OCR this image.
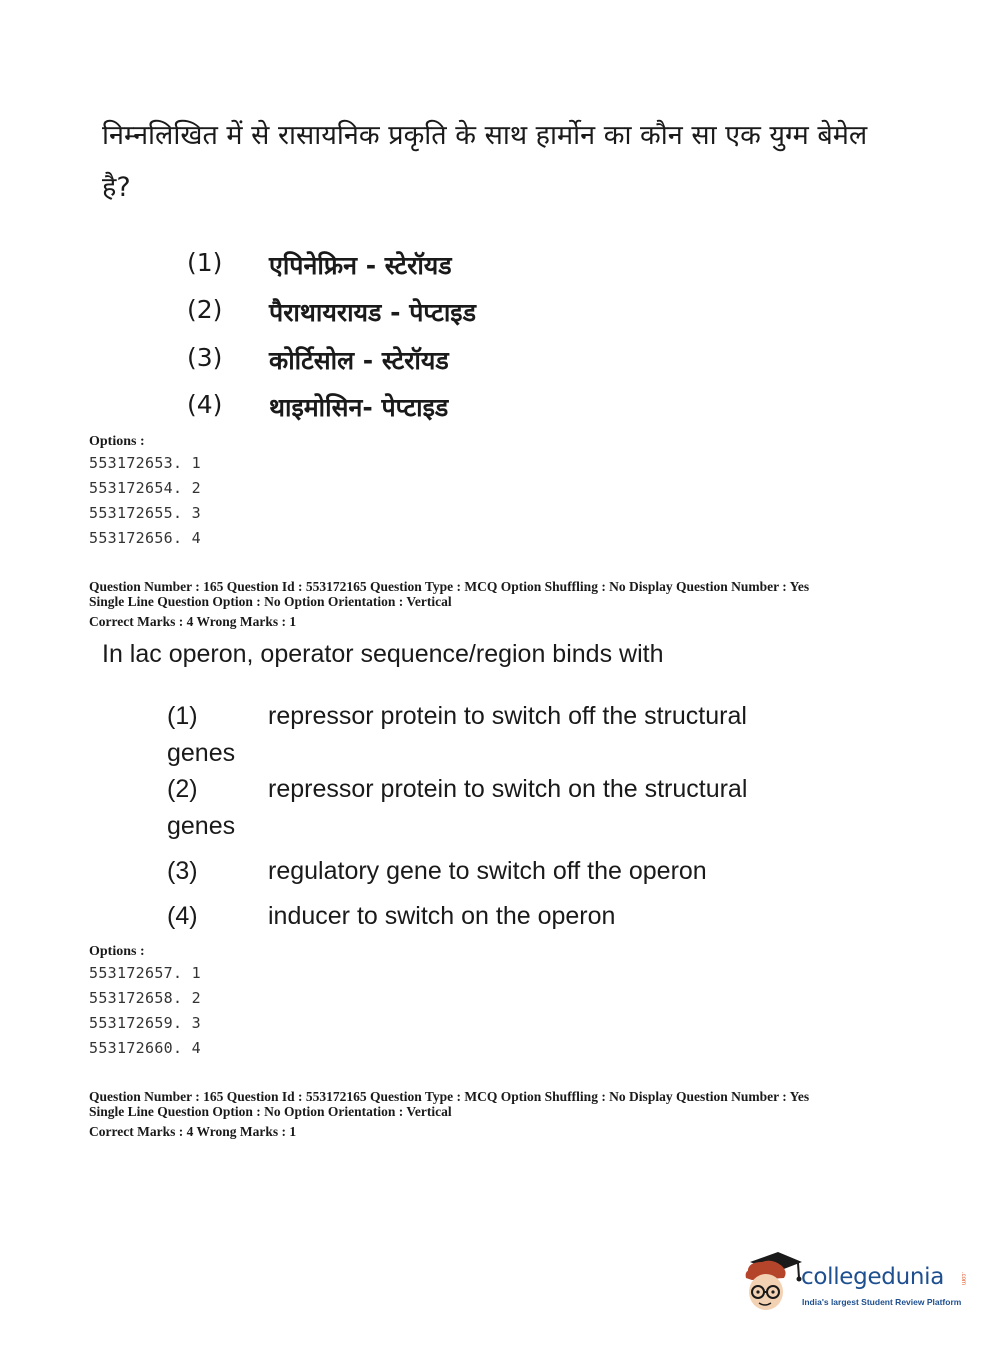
निम्नलिखित में से रासायनिक प्रकृति के साथ हार्मोन का कौन सा एक युग्म बेमेल है?
(1)	एपिनेफ्रिन - स्टेरॉयड
(2)	पैराथायरायड - पेप्टाइड
(3)	कोर्टिसोल - स्टेरॉयड
(4)	थाइमोसिन- पेप्टाइड
Options :
553172653. 1
553172654. 2
553172655. 3
553172656. 4
Question Number : 165 Question Id : 553172165 Question Type : MCQ Option Shuffling : No Display Question Number : Yes
Single Line Question Option : No Option Orientation : Vertical
Correct Marks : 4 Wrong Marks : 1
In lac operon, operator sequence/region binds with
(1)	repressor protein to switch off the structural
genes
(2)	repressor protein to switch on the structural
genes
(3)	regulatory gene to switch off the operon
(4)	inducer to switch on the operon
Options :
553172657. 1
553172658. 2
553172659. 3
553172660. 4
Question Number : 165 Question Id : 553172165 Question Type : MCQ Option Shuffling : No Display Question Number : Yes
Single Line Question Option : No Option Orientation : Vertical
Correct Marks : 4 Wrong Marks : 1
collegedunia	.com
India's largest Student Review Platform
